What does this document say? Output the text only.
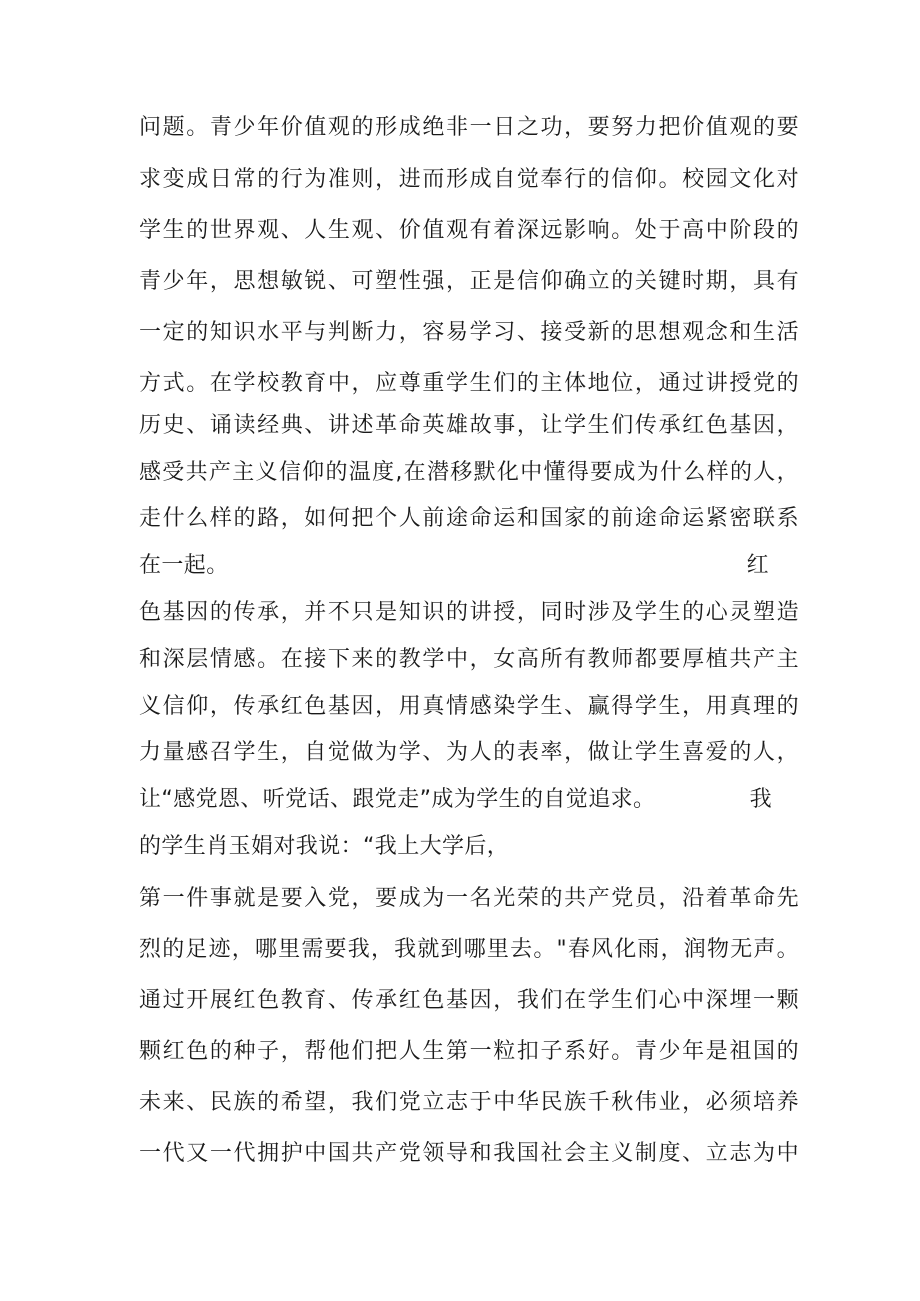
问题。青少年价值观的形成绝非一日之功，要努力把价值观的要
求变成日常的行为准则，进而形成自觉奉行的信仰。校园文化对
学生的世界观、人生观、价值观有着深远影响。处于高中阶段的
青少年，思想敏锐、可塑性强，正是信仰确立的关键时期，具有
一定的知识水平与判断力，容易学习、接受新的思想观念和生活
方式。在学校教育中，应尊重学生们的主体地位，通过讲授党的
历史、诵读经典、讲述革命英雄故事，让学生们传承红色基因，
感受共产主义信仰的温度,在潜移默化中懂得要成为什么样的人，
走什么样的路，如何把个人前途命运和国家的前途命运紧密联系
在一起。	红
色基因的传承，并不只是知识的讲授，同时涉及学生的心灵塑造
和深层情感。在接下来的教学中，女高所有教师都要厚植共产主
义信仰，传承红色基因，用真情感染学生、赢得学生，用真理的
力量感召学生，自觉做为学、为人的表率，做让学生喜爱的人，
让“感党恩、听党话、跟党走”成为学生的自觉追求。	我
的学生肖玉娟对我说：“我上大学后，
第一件事就是要入党，要成为一名光荣的共产党员，沿着革命先
烈的足迹，哪里需要我，我就到哪里去。"春风化雨，润物无声。
通过开展红色教育、传承红色基因，我们在学生们心中深埋一颗
颗红色的种子，帮他们把人生第一粒扣子系好。青少年是祖国的
未来、民族的希望，我们党立志于中华民族千秋伟业，必须培养
一代又一代拥护中国共产党领导和我国社会主义制度、立志为中
